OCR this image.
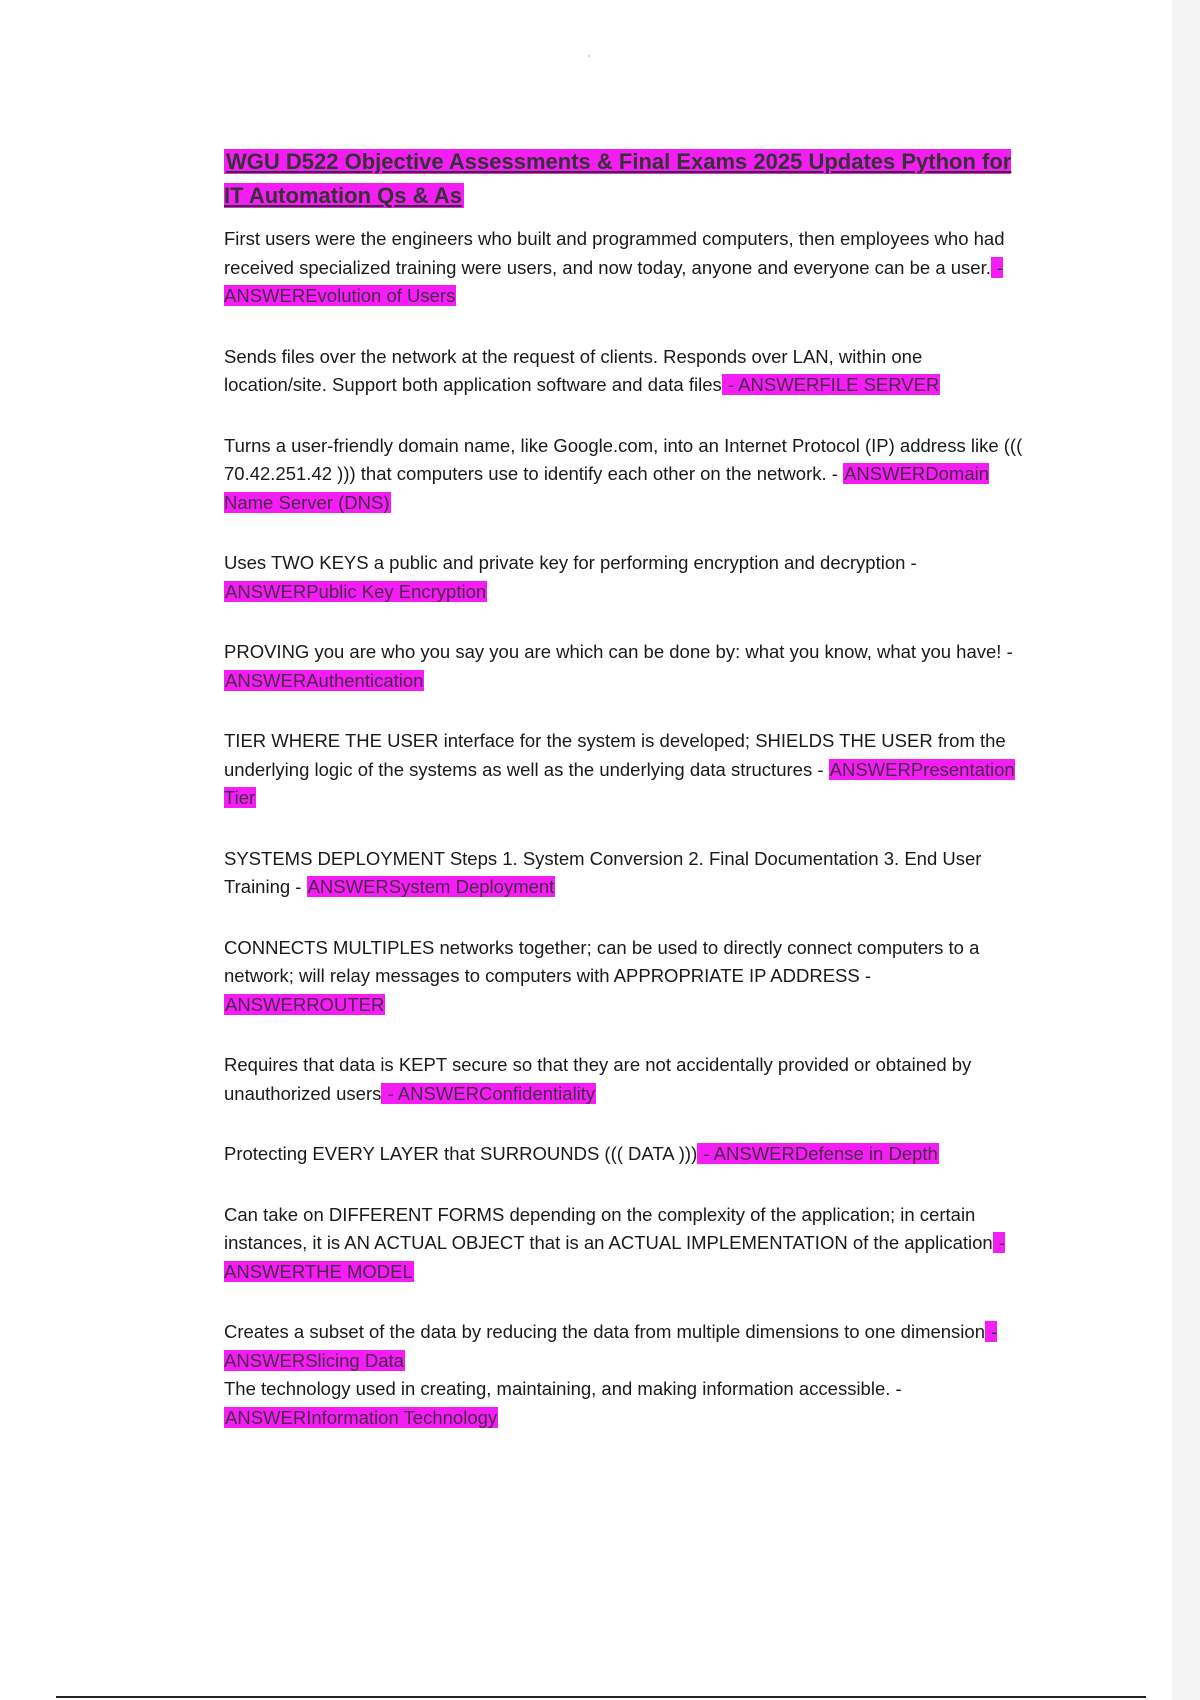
WGU D522 Objective Assessments & Final Exams 2025 Updates Python for IT Automation Qs & As

First users were the engineers who built and programmed computers, then employees who had received specialized training were users, and now today, anyone and everyone can be a user. - ANSWEREvolution of Users

Sends files over the network at the request of clients. Responds over LAN, within one location/site. Support both application software and data files - ANSWERFILE SERVER

Turns a user-friendly domain name, like Google.com, into an Internet Protocol (IP) address like ((( 70.42.251.42 ))) that computers use to identify each other on the network. - ANSWERDomain Name Server (DNS)

Uses TWO KEYS a public and private key for performing encryption and decryption - ANSWERPublic Key Encryption

PROVING you are who you say you are which can be done by: what you know, what you have! - ANSWERAuthentication

TIER WHERE THE USER interface for the system is developed; SHIELDS THE USER from the underlying logic of the systems as well as the underlying data structures - ANSWERPresentation Tier

SYSTEMS DEPLOYMENT Steps 1. System Conversion 2. Final Documentation 3. End User Training - ANSWERSystem Deployment

CONNECTS MULTIPLES networks together; can be used to directly connect computers to a network; will relay messages to computers with APPROPRIATE IP ADDRESS - ANSWERROUTER

Requires that data is KEPT secure so that they are not accidentally provided or obtained by unauthorized users - ANSWERConfidentiality

Protecting EVERY LAYER that SURROUNDS ((( DATA ))) - ANSWERDefense in Depth

Can take on DIFFERENT FORMS depending on the complexity of the application; in certain instances, it is AN ACTUAL OBJECT that is an ACTUAL IMPLEMENTATION of the application - ANSWERTHE MODEL

Creates a subset of the data by reducing the data from multiple dimensions to one dimension - ANSWERSlicing Data

The technology used in creating, maintaining, and making information accessible. - ANSWERInformation Technology
